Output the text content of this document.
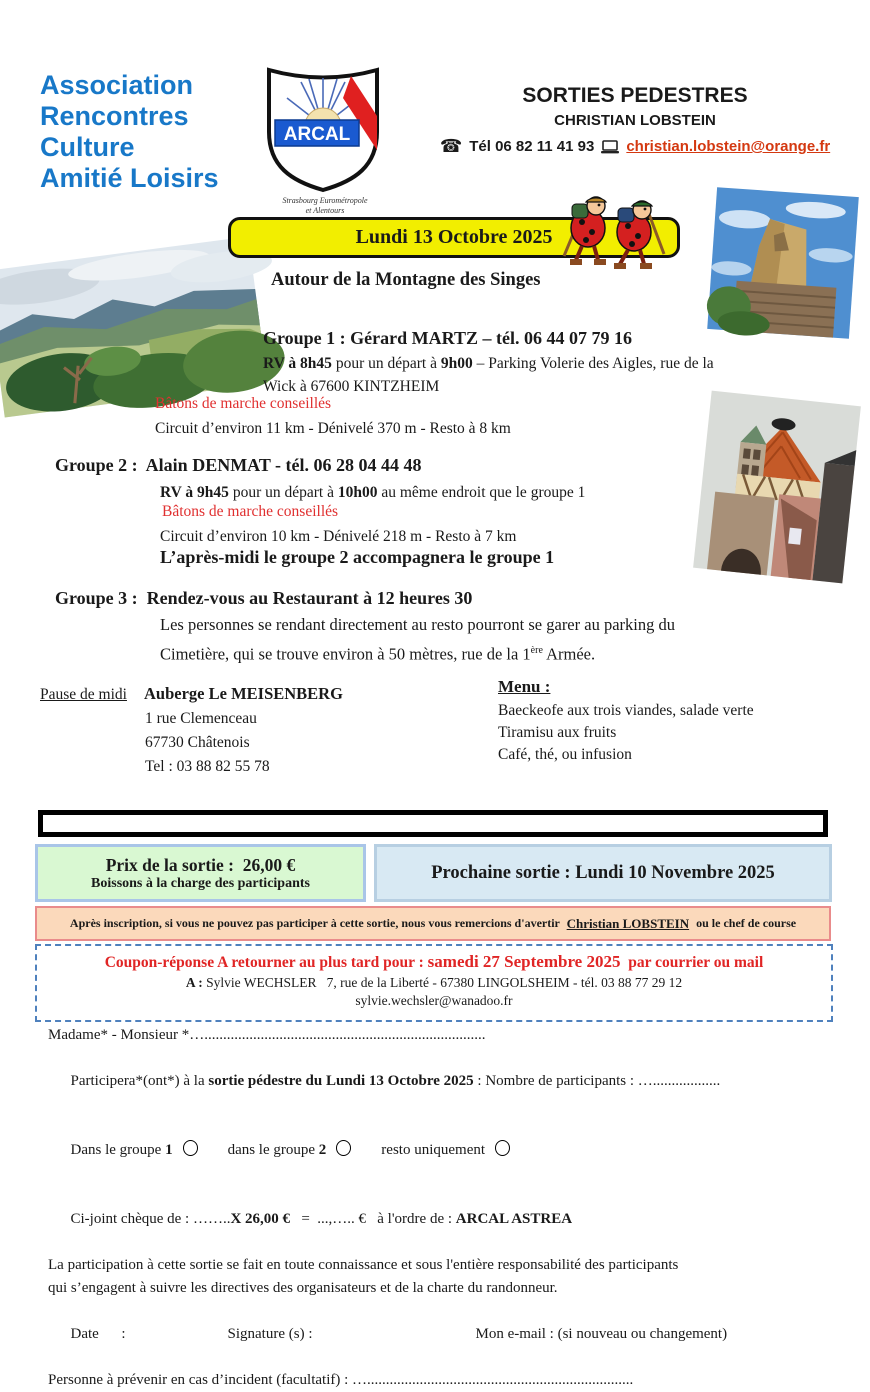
Association
Rencontres
Culture
Amitié Loisirs
ARCAL
Strasbourg Eurométropole
et Alentours
SORTIES PEDESTRES
CHRISTIAN LOBSTEIN
☎ Tél 06 82 11 41 93 christian.lobstein@orange.fr
Lundi 13 Octobre 2025
Autour de la Montagne des Singes
Groupe 1 : Gérard MARTZ – tél. 06 44 07 79 16
RV à 8h45 pour un départ à 9h00 – Parking Volerie des Aigles, rue de la
Wick à 67600 KINTZHEIM
Bâtons de marche conseillés
Circuit d’environ 11 km - Dénivelé 370 m - Resto à 8 km
Groupe 2 :  Alain DENMAT - tél. 06 28 04 44 48
RV à 9h45 pour un départ à 10h00 au même endroit que le groupe 1
Bâtons de marche conseillés
Circuit d’environ 10 km - Dénivelé 218 m - Resto à 7 km
L’après-midi le groupe 2 accompagnera le groupe 1
Groupe 3 :  Rendez-vous au Restaurant à 12 heures 30
Les personnes se rendant directement au resto pourront se garer au parking du
Cimetière, qui se trouve environ à 50 mètres, rue de la 1ère Armée.
Pause de midi Auberge Le MEISENBERG
1 rue Clemenceau
67730 Châtenois
Tel : 03 88 82 55 78
Menu :
Baeckeofe aux trois viandes, salade verte
Tiramisu aux fruits
Café, thé, ou infusion
Prix de la sortie :  26,00 €
Boissons à la charge des participants
Prochaine sortie : Lundi 10 Novembre 2025
Après inscription, si vous ne pouvez pas participer à cette sortie, nous vous remercions d'avertir Christian LOBSTEIN ou le chef de course
Coupon-réponse A retourner au plus tard pour : samedi 27 Septembre 2025  par courrier ou mail
A : Sylvie WECHSLER   7, rue de la Liberté - 67380 LINGOLSHEIM - tél. 03 88 77 29 12
sylvie.wechsler@wanadoo.fr
Madame* - Monsieur *…...........................................................................

Participera*(ont*) à la sortie pédestre du Lundi 13 Octobre 2025 : Nombre de participants : …..................

Dans le groupe 1	dans le groupe 2	resto uniquement

Ci-joint chèque de : ……..X 26,00 €   =  ...,….. €   à l'ordre de : ARCAL ASTREA

La participation à cette sortie se fait en toute connaissance et sous l'entière responsabilité des participants
qui s’engagent à suivre les directives des organisateurs et de la charte du randonneur.

Date      :	Signature (s) :	Mon e-mail : (si nouveau ou changement)

Personne à prévenir en cas d’incident (facultatif) : ….......................................................................
